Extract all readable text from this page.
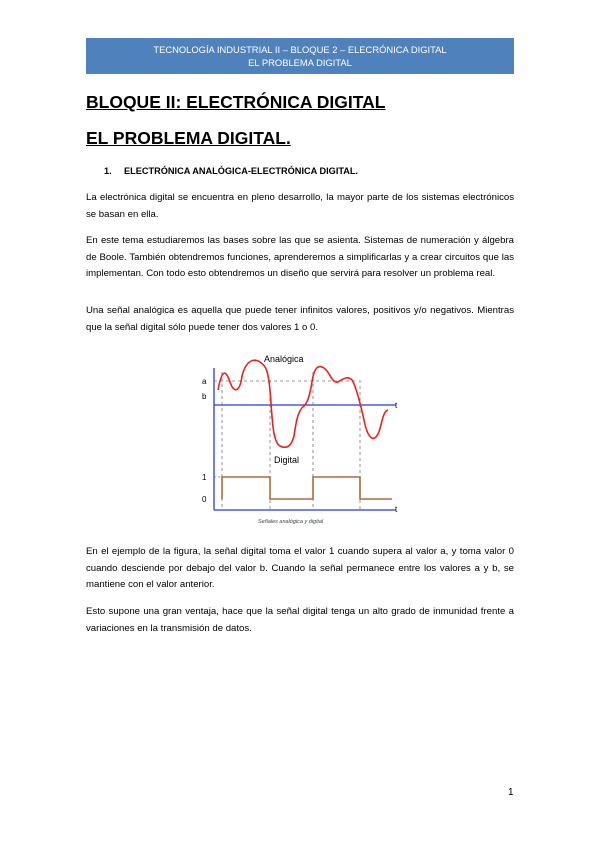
TECNOLOGÍA INDUSTRIAL II – BLOQUE 2 – ELECRÓNICA DIGITAL
EL PROBLEMA DIGITAL
BLOQUE II: ELECTRÓNICA DIGITAL
EL PROBLEMA DIGITAL.
1. ELECTRÓNICA ANALÓGICA-ELECTRÓNICA DIGITAL.
La electrónica digital se encuentra en pleno desarrollo, la mayor parte de los sistemas electrónicos se basan en ella.
En este tema estudiaremos las bases sobre las que se asienta. Sistemas de numeración y álgebra de Boole. También obtendremos funciones, aprenderemos a simplificarlas y a crear circuitos que las implementan. Con todo esto obtendremos un diseño que servirá para resolver un problema real.
Una señal analógica es aquella que puede tener infinitos valores, positivos y/o negativos. Mientras que la señal digital sólo puede tener dos valores 1 o 0.
Analógica
a
b
t
Digital
1
0
t
Señales analógica y digital
En el ejemplo de la figura, la señal digital toma el valor 1 cuando supera al valor a, y toma valor 0 cuando desciende por debajo del valor b. Cuando la señal permanece entre los valores a y b, se mantiene con el valor anterior.
Esto supone una gran ventaja, hace que la señal digital tenga un alto grado de inmunidad frente a variaciones en la transmisión de datos.
1
